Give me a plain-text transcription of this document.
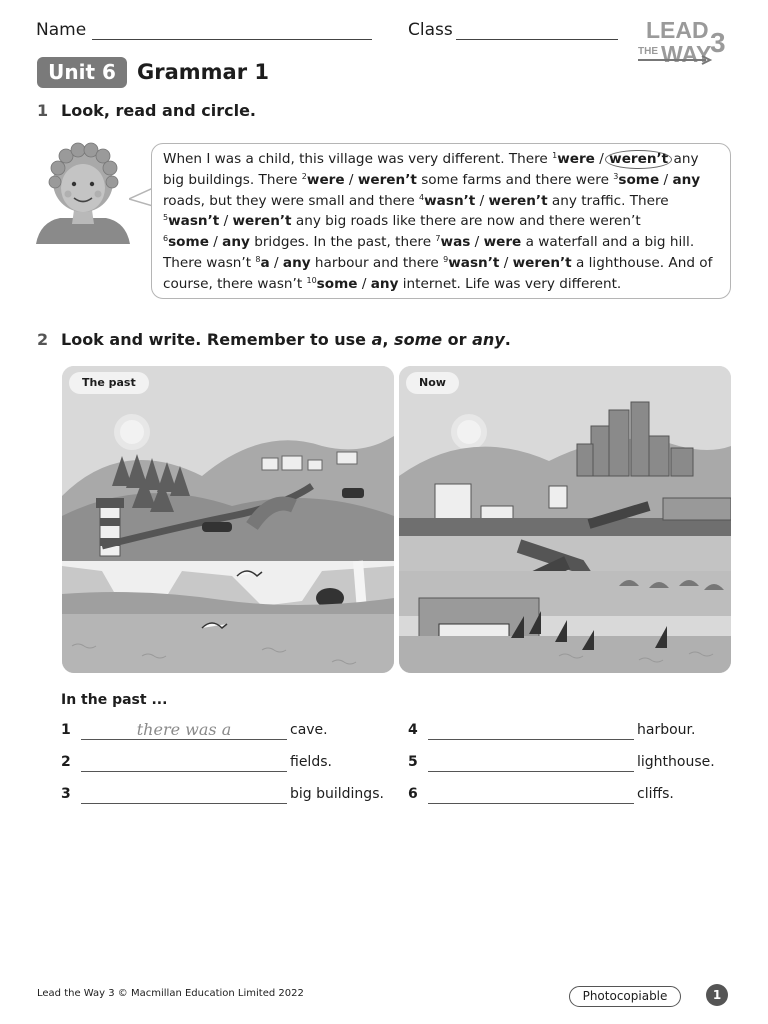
Name	Class	LEAD
THE WAY
3
Unit 6	Grammar 1
1 Look, read and circle.
When I was a child, this village was very different. There $^1$were / weren’t any
big buildings. There $^2$were / weren’t some farms and there were $^3$some / any
roads, but they were small and there $^4$wasn’t / weren’t any traffic. There
$^5$wasn’t / weren’t any big roads like there are now and there weren’t
$^6$some / any bridges. In the past, there $^7$was / were a waterfall and a big hill.
There wasn’t $^8$a / any harbour and there $^9$wasn’t / weren’t a lighthouse. And of
course, there wasn’t $^{10}$some / any internet. Life was very different.
2 Look and write. Remember to use a, some or any.
The past	Now
In the past ...
1	there was a	cave.
2	fields.
3	big buildings.
4	harbour.
5	lighthouse.
6	cliffs.
Lead the Way 3 © Macmillan Education Limited 2022	Photocopiable	1
